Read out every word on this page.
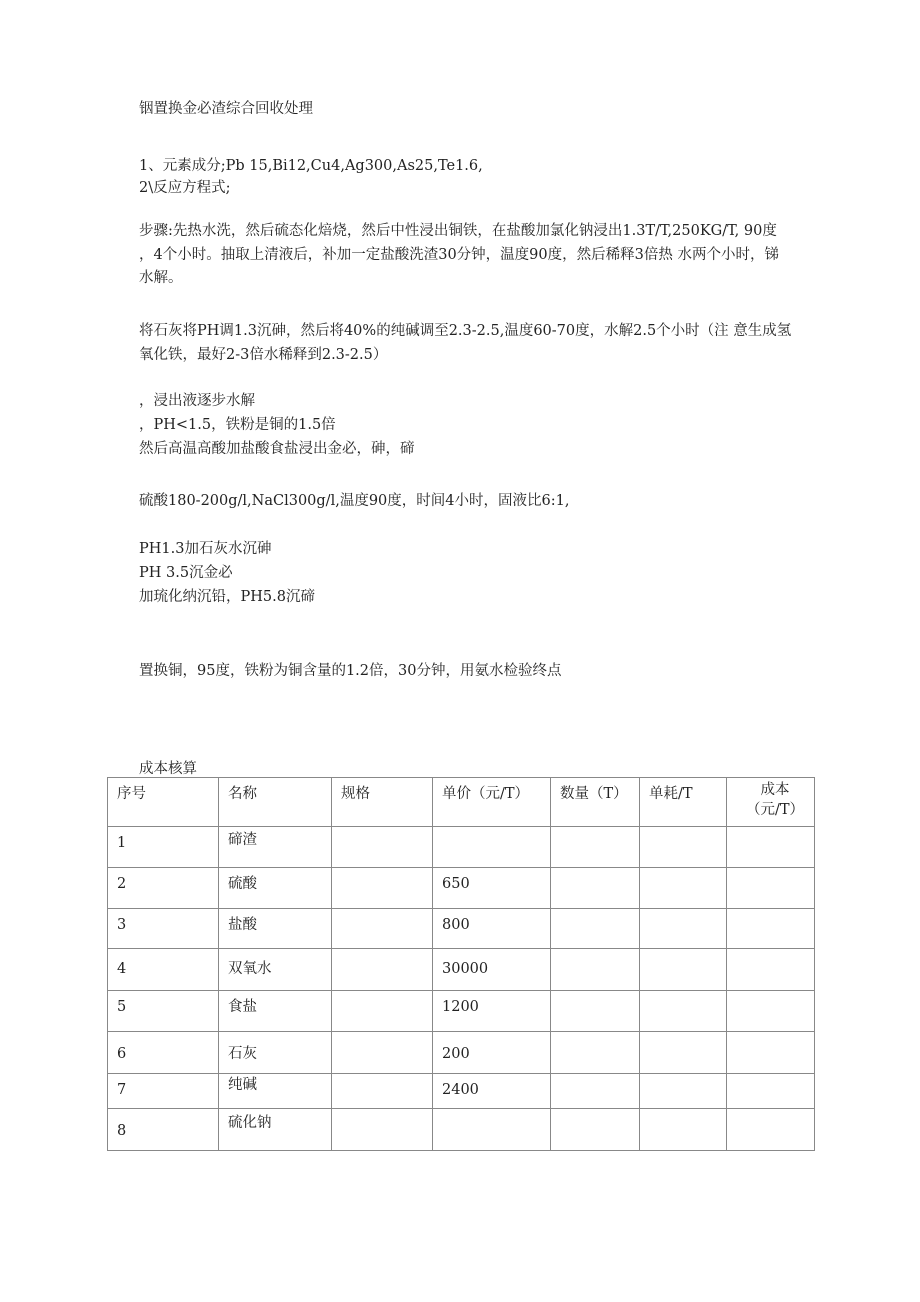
铟置换金必渣综合回收处理

1、元素成分;Pb 15,Bi12,Cu4,Ag300,As25,Te1.6,

2\反应方程式;

步骤:先热水洗，然后硫态化焙烧，然后中性浸出铜铁，在盐酸加氯化钠浸出1.3T/T,250KG/T, 90度

，4个小时。抽取上清液后，补加一定盐酸洗渣30分钟，温度90度，然后稀释3倍热 水两个小时，锑

水解。

将石灰将PH调1.3沉砷，然后将40%的纯碱调至2.3-2.5,温度60-70度，水解2.5个小时（注 意生成氢

氧化铁，最好2-3倍水稀释到2.3-2.5）

，浸出液逐步水解

，PH<1.5，铁粉是铜的1.5倍

然后高温高酸加盐酸食盐浸出金必，砷，碲

硫酸180-200g/l,NaCl300g/l,温度90度，时间4小时，固液比6:1,

PH1.3加石灰水沉砷

PH 3.5沉金必

加琉化纳沉铅，PH5.8沉碲

置换铜，95度，铁粉为铜含量的1.2倍，30分钟，用氨水检验终点

成本核算

序号	名称	规格	单价（元/T）	数量（T）	单耗/T	成本
（元/T）

1	碲渣					
2	硫酸		650			
3	盐酸		800			
4	双氧水		30000			
5	食盐		1200			
6	石灰		200			
7	纯碱		2400			
8	硫化钠					
